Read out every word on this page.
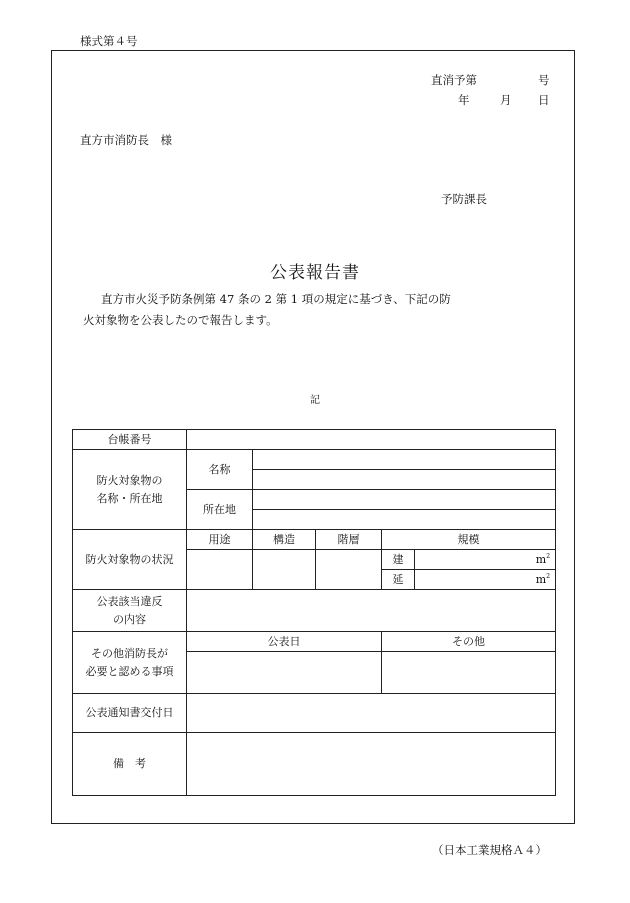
様式第４号
直消予第	号
年	月 日
直方市消防長　様
予防課長
公表報告書
直方市火災予防条例第 47 条の 2 第 1 項の規定に基づき、下記の防
火対象物を公表したので報告します。
記
台帳番号					
防火対象物の
名称・所在地	名称				

	所在地				

防火対象物の状況	用途	構造	階層	規模	
				建	$m^2$
				延	$m^2$
公表該当違反
の内容					
その他消防長が
必要と認める事項	公表日			その他	

公表通知書交付日					
備　考					
（日本工業規格Ａ４）
